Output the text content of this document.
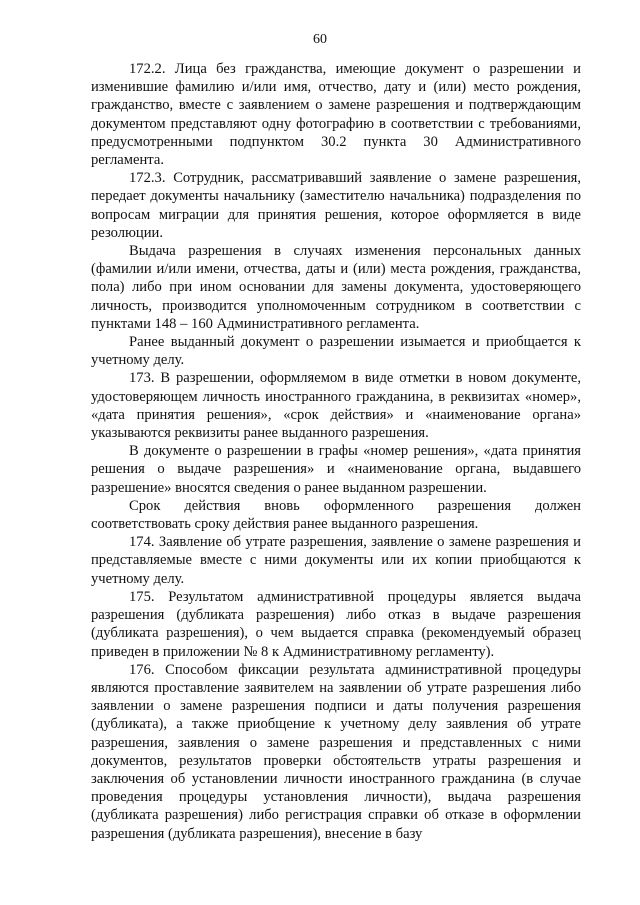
60

172.2. Лица без гражданства, имеющие документ о разрешении и изменившие фамилию и/или имя, отчество, дату и (или) место рождения, гражданство, вместе с заявлением о замене разрешения и подтверждающим документом представляют одну фотографию в соответствии с требованиями, предусмотренными подпунктом 30.2 пункта 30 Административного регламента.

172.3. Сотрудник, рассматривавший заявление о замене разрешения, передает документы начальнику (заместителю начальника) подразделения по вопросам миграции для принятия решения, которое оформляется в виде резолюции.

Выдача разрешения в случаях изменения персональных данных (фамилии и/или имени, отчества, даты и (или) места рождения, гражданства, пола) либо при ином основании для замены документа, удостоверяющего личность, производится уполномоченным сотрудником в соответствии с пунктами 148 – 160 Административного регламента.

Ранее выданный документ о разрешении изымается и приобщается к учетному делу.

173. В разрешении, оформляемом в виде отметки в новом документе, удостоверяющем личность иностранного гражданина, в реквизитах «номер», «дата принятия решения», «срок действия» и «наименование органа» указываются реквизиты ранее выданного разрешения.

В документе о разрешении в графы «номер решения», «дата принятия решения о выдаче разрешения» и «наименование органа, выдавшего разрешение» вносятся сведения о ранее выданном разрешении.

Срок действия вновь оформленного разрешения должен соответствовать сроку действия ранее выданного разрешения.

174. Заявление об утрате разрешения, заявление о замене разрешения и представляемые вместе с ними документы или их копии приобщаются к учетному делу.

175. Результатом административной процедуры является выдача разрешения (дубликата разрешения) либо отказ в выдаче разрешения (дубликата разрешения), о чем выдается справка (рекомендуемый образец приведен в приложении № 8 к Административному регламенту).

176. Способом фиксации результата административной процедуры являются проставление заявителем на заявлении об утрате разрешения либо заявлении о замене разрешения подписи и даты получения разрешения (дубликата), а также приобщение к учетному делу заявления об утрате разрешения, заявления о замене разрешения и представленных с ними документов, результатов проверки обстоятельств утраты разрешения и заключения об установлении личности иностранного гражданина (в случае проведения процедуры установления личности), выдача разрешения (дубликата разрешения) либо регистрация справки об отказе в оформлении разрешения (дубликата разрешения), внесение в базу
